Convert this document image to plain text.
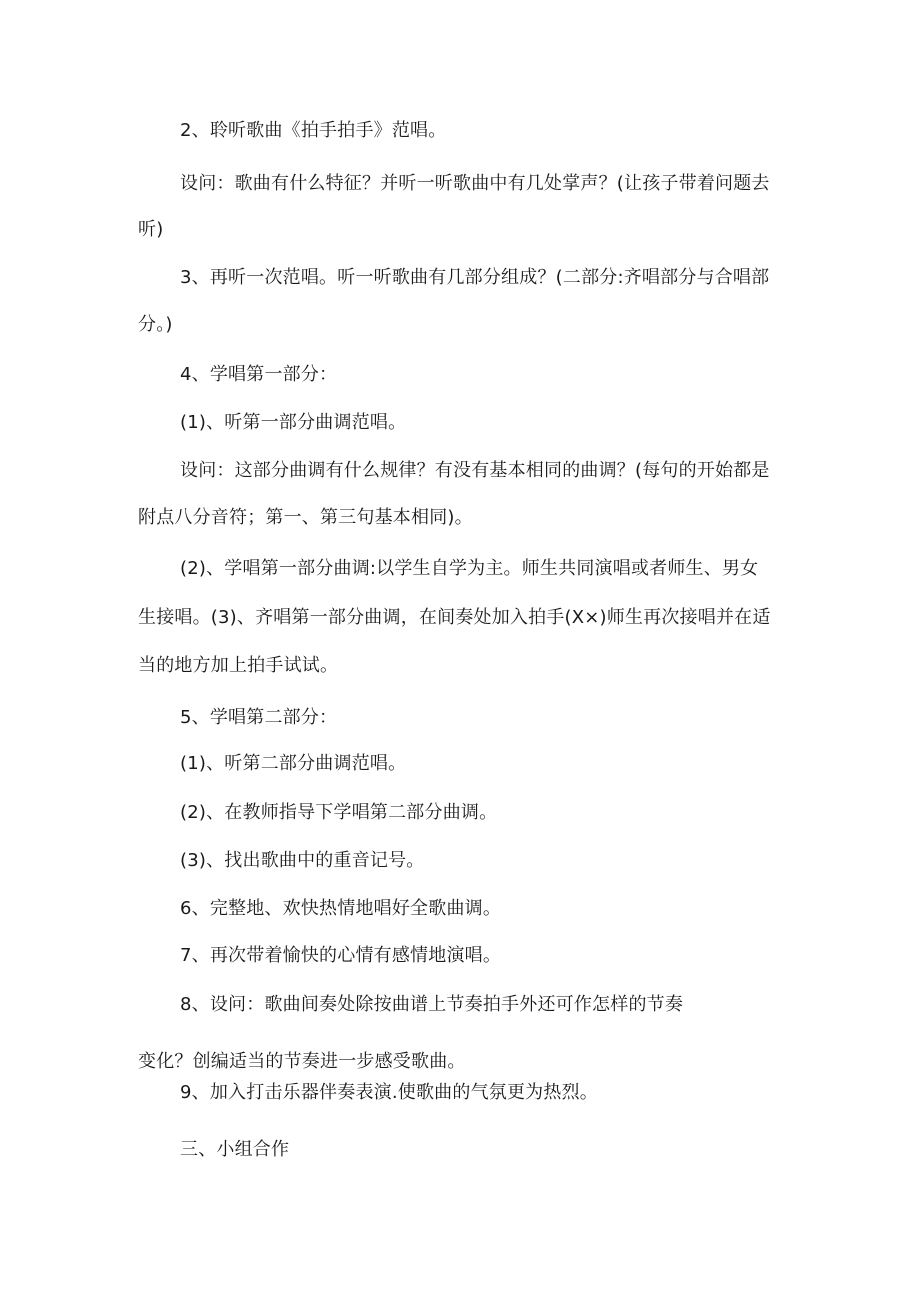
2、聆听歌曲《拍手拍手》范唱。
设问：歌曲有什么特征？并听一听歌曲中有几处掌声？(让孩子带着问题去
听)
3、再听一次范唱。听一听歌曲有几部分组成？(二部分:齐唱部分与合唱部
分。)
4、学唱第一部分：
(1)、听第一部分曲调范唱。
设问：这部分曲调有什么规律？有没有基本相同的曲调？(每句的开始都是
附点八分音符；第一、第三句基本相同)。
(2)、学唱第一部分曲调:以学生自学为主。师生共同演唱或者师生、男女
生接唱。(3)、齐唱第一部分曲调，在间奏处加入拍手(X×)师生再次接唱并在适
当的地方加上拍手试试。
5、学唱第二部分：
(1)、听第二部分曲调范唱。
(2)、在教师指导下学唱第二部分曲调。
(3)、找出歌曲中的重音记号。
6、完整地、欢快热情地唱好全歌曲调。
7、再次带着愉快的心情有感情地演唱。
8、设问：歌曲间奏处除按曲谱上节奏拍手外还可作怎样的节奏
变化？创编适当的节奏进一步感受歌曲。
9、加入打击乐器伴奏表演.使歌曲的气氛更为热烈。
三、小组合作
